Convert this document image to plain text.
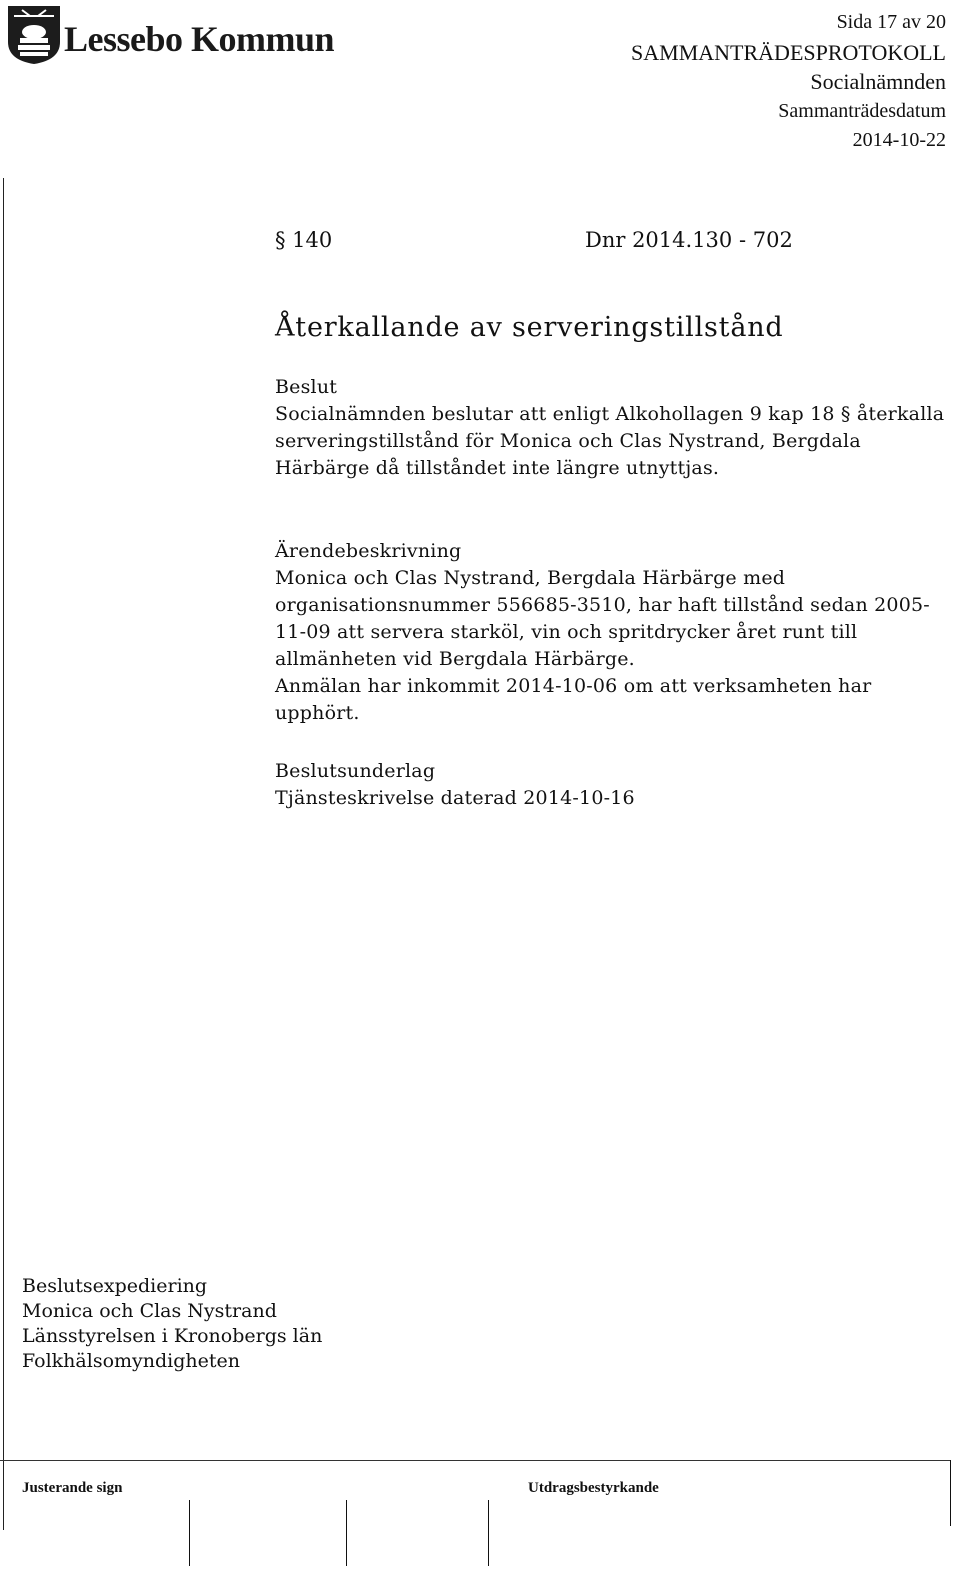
Lessebo Kommun	Sida 17 av 20
SAMMANTRÄDESPROTOKOLL
Socialnämnden
Sammanträdesdatum
2014-10-22
§ 140	Dnr 2014.130 - 702
Återkallande av serveringstillstånd

Beslut

Socialnämnden beslutar att enligt Alkohollagen 9 kap 18 § återkalla serveringstillstånd för Monica och Clas Nystrand, Bergdala Härbärge då tillståndet inte längre utnyttjas.

Ärendebeskrivning

Monica och Clas Nystrand, Bergdala Härbärge med organisationsnummer 556685-3510, har haft tillstånd sedan 2005-11-09 att servera starköl, vin och spritdrycker året runt till allmänheten vid Bergdala Härbärge.

Anmälan har inkommit 2014-10-06 om att verksamheten har upphört.

Beslutsunderlag

Tjänsteskrivelse daterad 2014-10-16

Beslutsexpediering
Monica och Clas Nystrand
Länsstyrelsen i Kronobergs län
Folkhälsomyndigheten
Justerande sign	Utdragsbestyrkande
